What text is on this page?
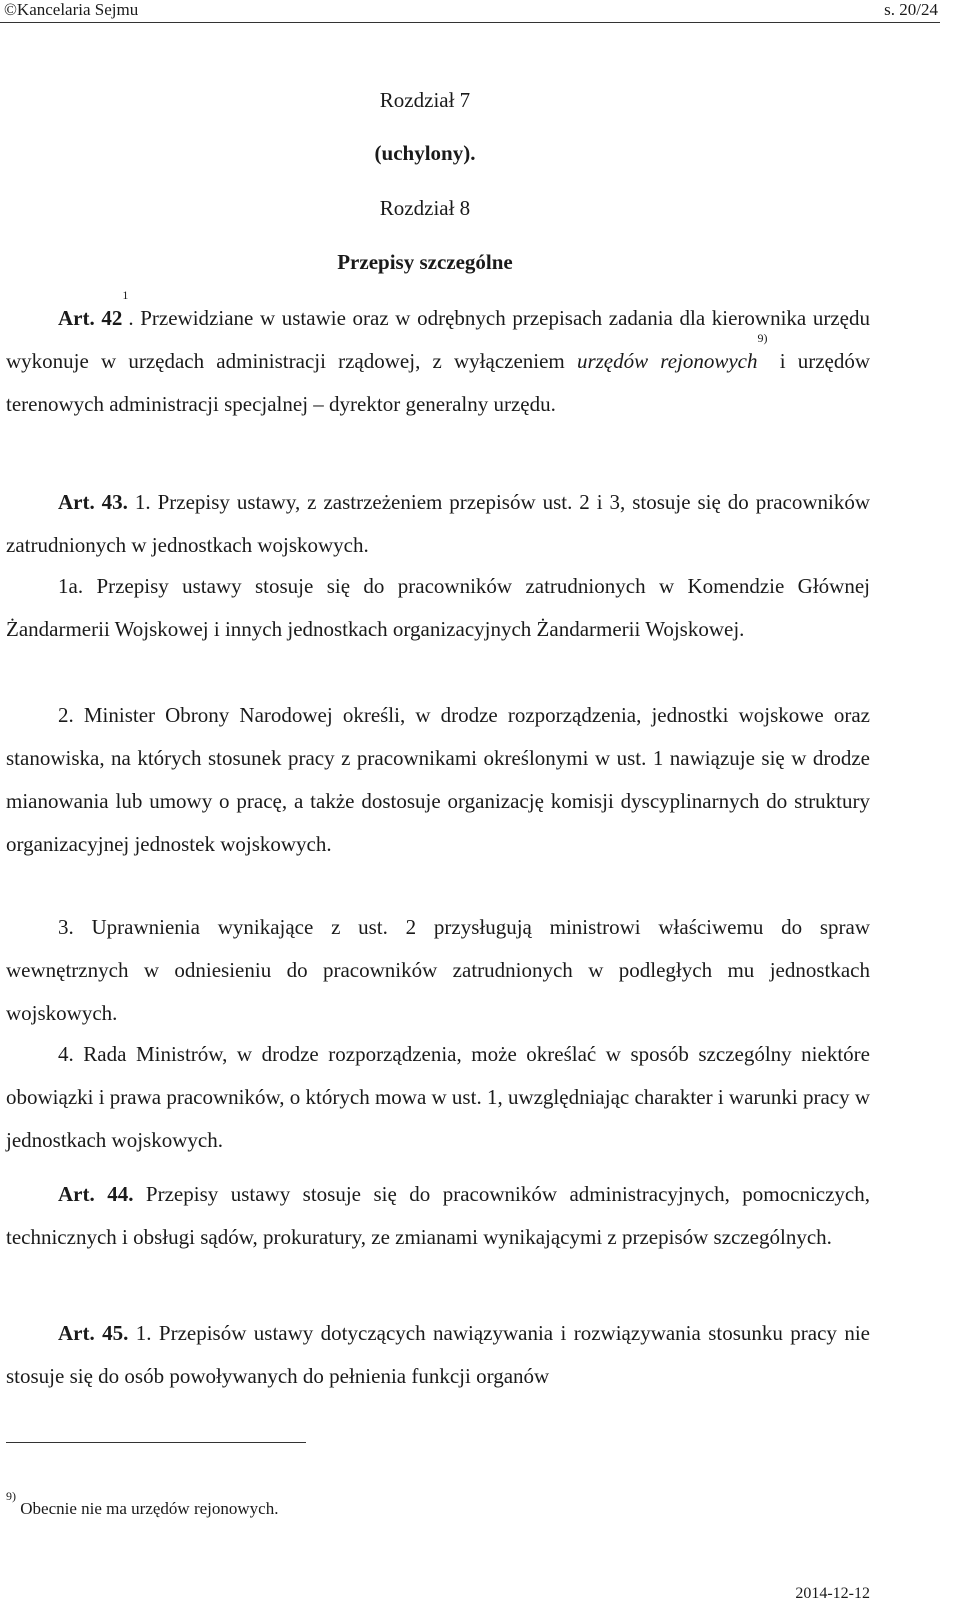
©Kancelaria Sejmu	s. 20/24
Rozdział 7
(uchylony).
Rozdział 8
Przepisy szczególne

Art. $42^1$. Przewidziane w ustawie oraz w odrębnych przepisach zadania dla kierownika urzędu wykonuje w urzędach administracji rządowej, z wyłączeniem urzędów rejonowych$^{9)}$ i urzędów terenowych administracji specjalnej – dyrektor generalny urzędu.

Art. 43. 1. Przepisy ustawy, z zastrzeżeniem przepisów ust. 2 i 3, stosuje się do pracowników zatrudnionych w jednostkach wojskowych.

1a. Przepisy ustawy stosuje się do pracowników zatrudnionych w Komendzie Głównej Żandarmerii Wojskowej i innych jednostkach organizacyjnych Żandarmerii Wojskowej.

2. Minister Obrony Narodowej określi, w drodze rozporządzenia, jednostki wojskowe oraz stanowiska, na których stosunek pracy z pracownikami określonymi w ust. 1 nawiązuje się w drodze mianowania lub umowy o pracę, a także dostosuje organizację komisji dyscyplinarnych do struktury organizacyjnej jednostek wojskowych.

3. Uprawnienia wynikające z ust. 2 przysługują ministrowi właściwemu do spraw wewnętrznych w odniesieniu do pracowników zatrudnionych w podległych mu jednostkach wojskowych.

4. Rada Ministrów, w drodze rozporządzenia, może określać w sposób szczególny niektóre obowiązki i prawa pracowników, o których mowa w ust. 1, uwzględniając charakter i warunki pracy w jednostkach wojskowych.

Art. 44. Przepisy ustawy stosuje się do pracowników administracyjnych, pomocniczych, technicznych i obsługi sądów, prokuratury, ze zmianami wynikającymi z przepisów szczególnych.

Art. 45. 1. Przepisów ustawy dotyczących nawiązywania i rozwiązywania stosunku pracy nie stosuje się do osób powoływanych do pełnienia funkcji organów

$^{9)}$ Obecnie nie ma urzędów rejonowych.
2014-12-12
